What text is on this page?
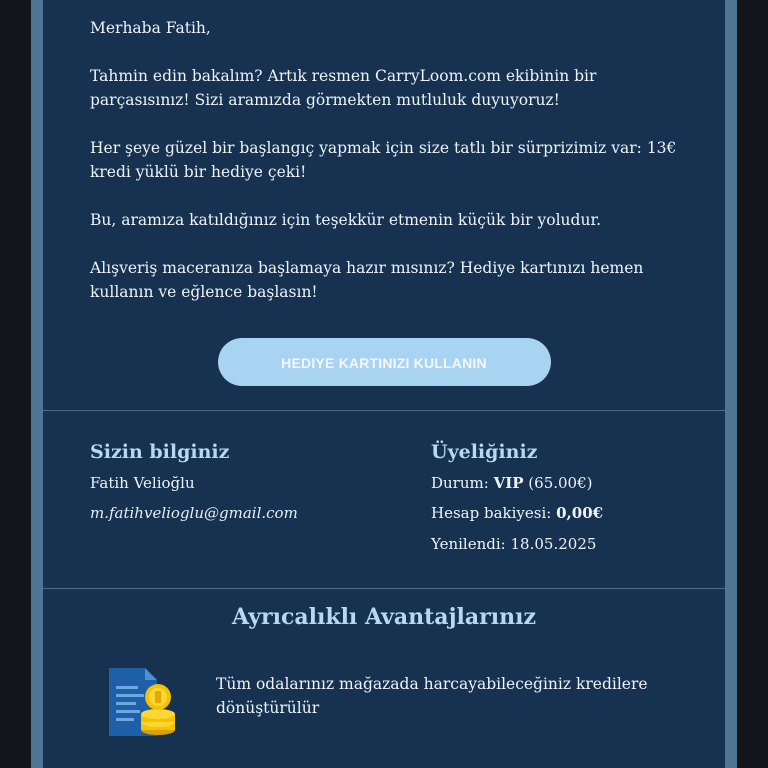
Merhaba Fatih,

Tahmin edin bakalım? Artık resmen CarryLoom.com ekibinin bir parçasısınız! Sizi aramızda görmekten mutluluk duyuyoruz!

Her şeye güzel bir başlangıç yapmak için size tatlı bir sürprizimiz var: 13€ kredi yüklü bir hediye çeki!

Bu, aramıza katıldığınız için teşekkür etmenin küçük bir yoludur.

Alışveriş maceranıza başlamaya hazır mısınız? Hediye kartınızı hemen kullanın ve eğlence başlasın!

HEDIYE KARTINIZI KULLANIN
Sizin bilginiz
Fatih Velioğlu
m.fatihvelioglu@gmail.com
Üyeliğiniz
Durum: VIP (65.00€)
Hesap bakiyesi: 0,00€
Yenilendi: 18.05.2025
Ayrıcalıklı Avantajlarınız
Tüm odalarınız mağazada harcayabileceğiniz kredilere dönüştürülür
